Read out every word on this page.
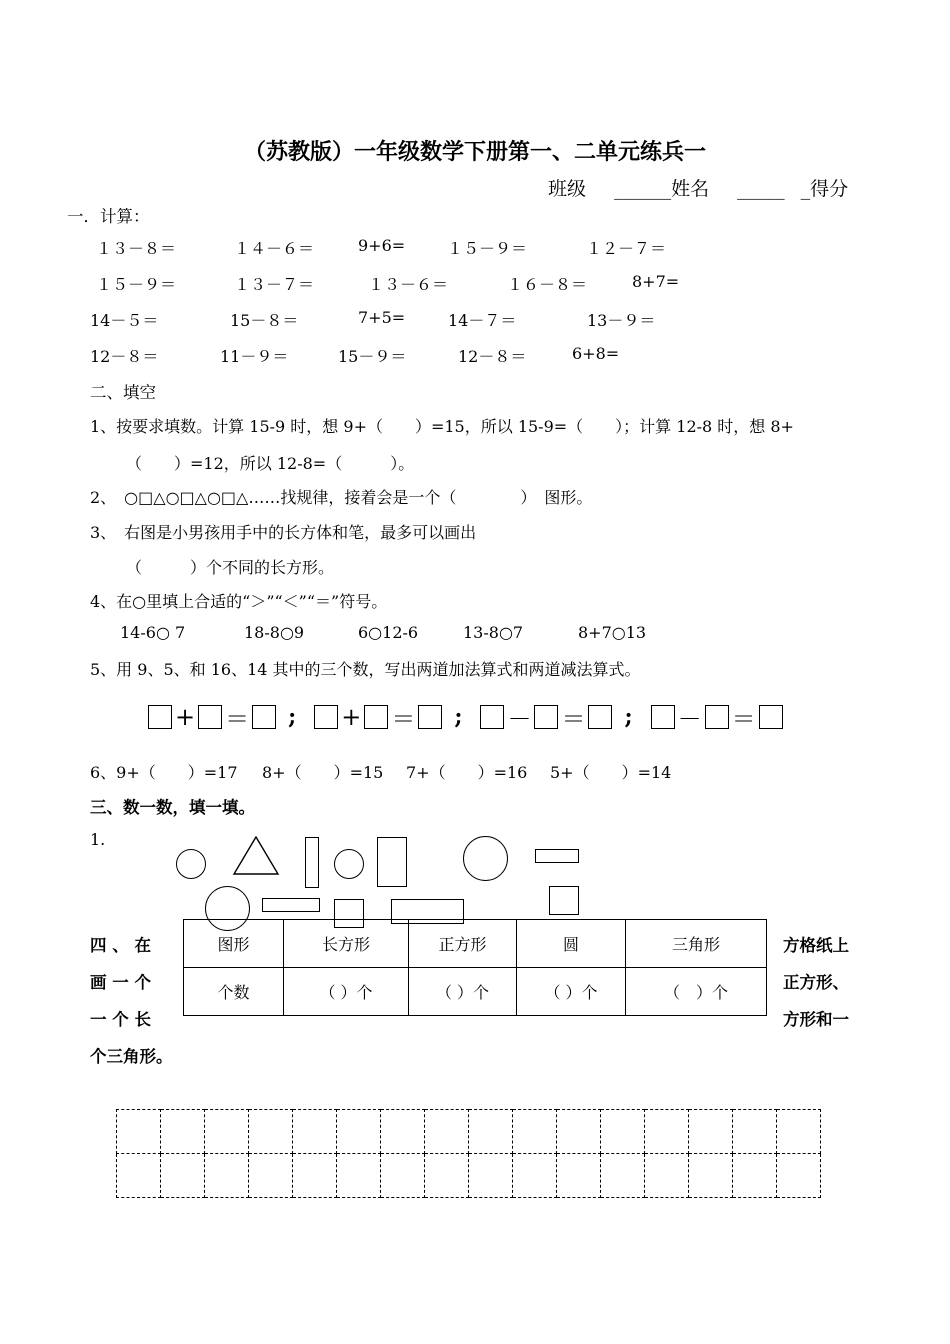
（苏教版）一年级数学下册第一、二单元练兵一
班级 ______姓名 _____ _得分
一．计算：
１３－８＝	１４－６＝	9+6=	１５－９＝	１２－７＝
１５－９＝	１３－７＝	１３－６＝	１６－８＝	8+7=
14－５＝	15－８＝	7+5=	14－７＝	13－９＝
12－８＝	11－９＝	15－９＝	12－８＝	6+8=
二、填空
1、按要求填数。计算 15-9 时，想 9+（　　）=15，所以 15-9=（　　）；计算 12-8 时，想 8+
（　　）=12，所以 12-8=（　　　）。
2、　○□△○□△○□△……找规律，接着会是一个（　　　　）　图形。
3、　右图是小男孩用手中的长方体和笔，最多可以画出
（　　　）个不同的长方形。
4、在○里填上合适的“＞”“＜”“＝”符号。
14-6○ 7	18-8○9	6○12-6	13-8○7	8+7○13
5、用 9、5、和 16、14 其中的三个数，写出两道加法算式和两道减法算式。
+ ＝ ; + ＝ ; － ＝ ; － ＝
6、9+（　　）=17 8+（　　）=15 7+（　　）=16 5+（　　）=14
三、数一数，填一填。
1.
四 、 在
画 一 个
一 个 长
方格纸上
正方形、
方形和一
个三角形。
图形	长方形	正方形	圆	三角形
个数	（ ）个	（ ）个	（ ）个	（　）个
